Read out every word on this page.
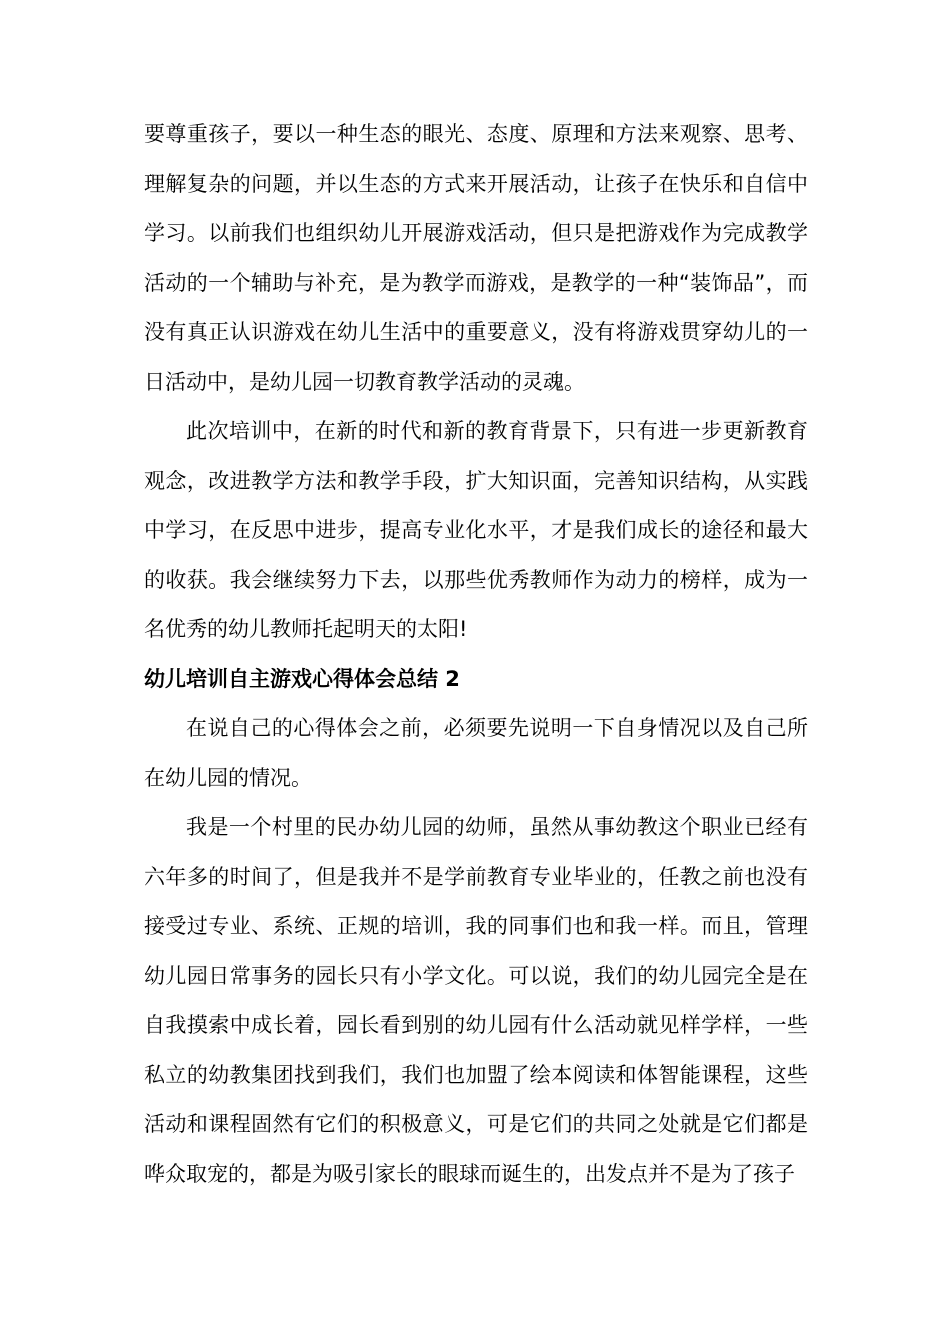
要尊重孩子，要以一种生态的眼光、态度、原理和方法来观察、思考、理解复杂的问题，并以生态的方式来开展活动，让孩子在快乐和自信中学习。以前我们也组织幼儿开展游戏活动，但只是把游戏作为完成教学活动的一个辅助与补充，是为教学而游戏，是教学的一种“装饰品”，而没有真正认识游戏在幼儿生活中的重要意义，没有将游戏贯穿幼儿的一日活动中，是幼儿园一切教育教学活动的灵魂。

此次培训中，在新的时代和新的教育背景下，只有进一步更新教育观念，改进教学方法和教学手段，扩大知识面，完善知识结构，从实践中学习，在反思中进步，提高专业化水平，才是我们成长的途径和最大的收获。我会继续努力下去，以那些优秀教师作为动力的榜样，成为一名优秀的幼儿教师托起明天的太阳!

幼儿培训自主游戏心得体会总结 2

在说自己的心得体会之前，必须要先说明一下自身情况以及自己所在幼儿园的情况。

我是一个村里的民办幼儿园的幼师，虽然从事幼教这个职业已经有六年多的时间了，但是我并不是学前教育专业毕业的，任教之前也没有接受过专业、系统、正规的培训，我的同事们也和我一样。而且，管理幼儿园日常事务的园长只有小学文化。可以说，我们的幼儿园完全是在自我摸索中成长着，园长看到别的幼儿园有什么活动就见样学样，一些私立的幼教集团找到我们，我们也加盟了绘本阅读和体智能课程，这些活动和课程固然有它们的积极意义，可是它们的共同之处就是它们都是哗众取宠的，都是为吸引家长的眼球而诞生的，出发点并不是为了孩子
